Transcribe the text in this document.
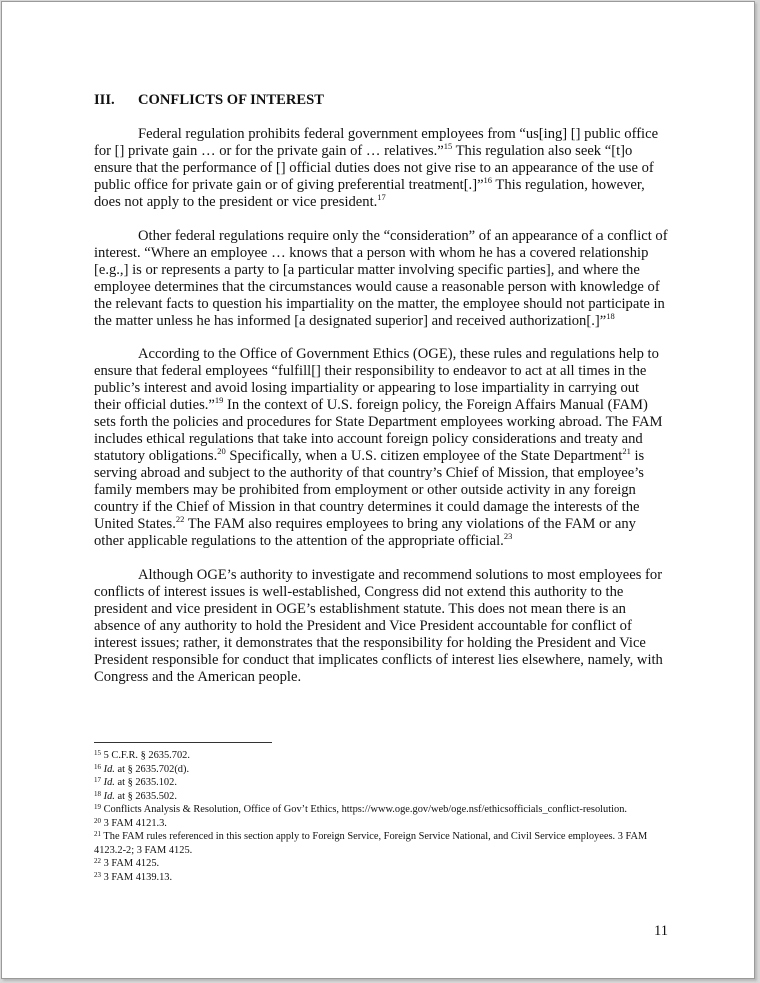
III. CONFLICTS OF INTEREST

Federal regulation prohibits federal government employees from “us[ing] [] public office for [] private gain … or for the private gain of … relatives.”$^{15}$ This regulation also seek “[t]o ensure that the performance of [] official duties does not give rise to an appearance of the use of public office for private gain or of giving preferential treatment[.]”$^{16}$ This regulation, however, does not apply to the president or vice president.$^{17}$

Other federal regulations require only the “consideration” of an appearance of a conflict of interest. “Where an employee … knows that a person with whom he has a covered relationship [e.g.,] is or represents a party to [a particular matter involving specific parties], and where the employee determines that the circumstances would cause a reasonable person with knowledge of the relevant facts to question his impartiality on the matter, the employee should not participate in the matter unless he has informed [a designated superior] and received authorization[.]”$^{18}$

According to the Office of Government Ethics (OGE), these rules and regulations help to ensure that federal employees “fulfill[] their responsibility to endeavor to act at all times in the public’s interest and avoid losing impartiality or appearing to lose impartiality in carrying out their official duties.”$^{19}$ In the context of U.S. foreign policy, the Foreign Affairs Manual (FAM) sets forth the policies and procedures for State Department employees working abroad. The FAM includes ethical regulations that take into account foreign policy considerations and treaty and statutory obligations.$^{20}$ Specifically, when a U.S. citizen employee of the State Department$^{21}$ is serving abroad and subject to the authority of that country’s Chief of Mission, that employee’s family members may be prohibited from employment or other outside activity in any foreign country if the Chief of Mission in that country determines it could damage the interests of the United States.$^{22}$ The FAM also requires employees to bring any violations of the FAM or any other applicable regulations to the attention of the appropriate official.$^{23}$

Although OGE’s authority to investigate and recommend solutions to most employees for conflicts of interest issues is well-established, Congress did not extend this authority to the president and vice president in OGE’s establishment statute. This does not mean there is an absence of any authority to hold the President and Vice President accountable for conflict of interest issues; rather, it demonstrates that the responsibility for holding the President and Vice President responsible for conduct that implicates conflicts of interest lies elsewhere, namely, with Congress and the American people.

$^{15}$ 5 C.F.R. § 2635.702.
$^{16}$ Id. at § 2635.702(d).
$^{17}$ Id. at § 2635.102.
$^{18}$ Id. at § 2635.502.
$^{19}$ Conflicts Analysis & Resolution, Office of Gov’t Ethics, https://www.oge.gov/web/oge.nsf/ethicsofficials_conflict-resolution.
$^{20}$ 3 FAM 4121.3.
$^{21}$ The FAM rules referenced in this section apply to Foreign Service, Foreign Service National, and Civil Service employees. 3 FAM 4123.2-2; 3 FAM 4125.
$^{22}$ 3 FAM 4125.
$^{23}$ 3 FAM 4139.13.
11
